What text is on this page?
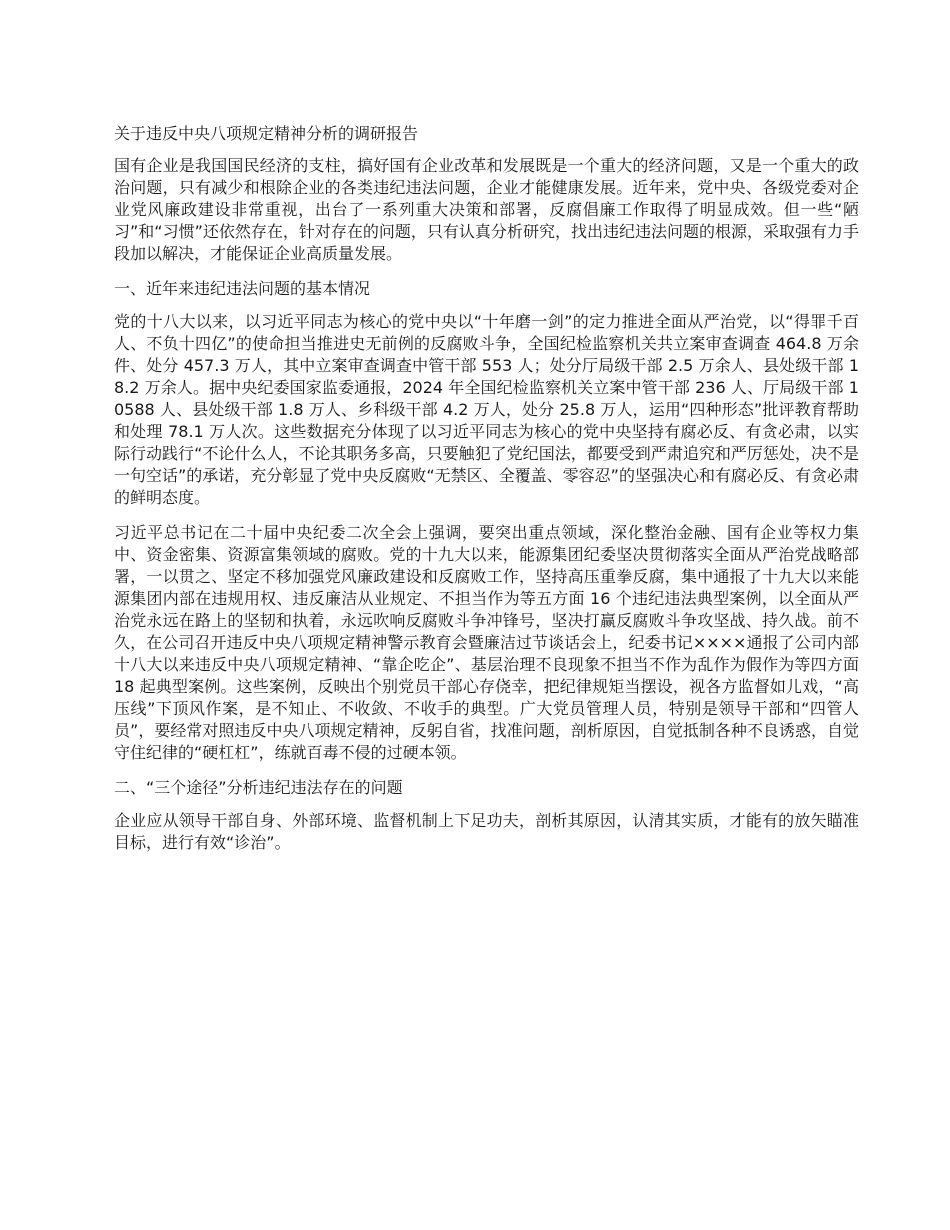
关于违反中央八项规定精神分析的调研报告

国有企业是我国国民经济的支柱，搞好国有企业改革和发展既是一个重大的经济问题，又是一个重大的政治问题，只有减少和根除企业的各类违纪违法问题，企业才能健康发展。近年来，党中央、各级党委对企业党风廉政建设非常重视，出台了一系列重大决策和部署，反腐倡廉工作取得了明显成效。但一些“陋习”和“习惯”还依然存在，针对存在的问题，只有认真分析研究，找出违纪违法问题的根源，采取强有力手段加以解决，才能保证企业高质量发展。

一、近年来违纪违法问题的基本情况

党的十八大以来，以习近平同志为核心的党中央以“十年磨一剑”的定力推进全面从严治党，以“得罪千百人、不负十四亿”的使命担当推进史无前例的反腐败斗争，全国纪检监察机关共立案审查调查 464.8 万余件、处分 457.3 万人，其中立案审查调查中管干部 553 人；处分厅局级干部 2.5 万余人、县处级干部 18.2 万余人。据中央纪委国家监委通报，2024 年全国纪检监察机关立案中管干部 236 人、厅局级干部 10588 人、县处级干部 1.8 万人、乡科级干部 4.2 万人，处分 25.8 万人，运用“四种形态”批评教育帮助和处理 78.1 万人次。这些数据充分体现了以习近平同志为核心的党中央坚持有腐必反、有贪必肃，以实际行动践行“不论什么人，不论其职务多高，只要触犯了党纪国法，都要受到严肃追究和严厉惩处，决不是一句空话”的承诺，充分彰显了党中央反腐败“无禁区、全覆盖、零容忍”的坚强决心和有腐必反、有贪必肃的鲜明态度。

习近平总书记在二十届中央纪委二次全会上强调，要突出重点领域，深化整治金融、国有企业等权力集中、资金密集、资源富集领域的腐败。党的十九大以来，能源集团纪委坚决贯彻落实全面从严治党战略部署，一以贯之、坚定不移加强党风廉政建设和反腐败工作，坚持高压重拳反腐，集中通报了十九大以来能源集团内部在违规用权、违反廉洁从业规定、不担当作为等五方面 16 个违纪违法典型案例，以全面从严治党永远在路上的坚韧和执着，永远吹响反腐败斗争冲锋号，坚决打赢反腐败斗争攻坚战、持久战。前不久，在公司召开违反中央八项规定精神警示教育会暨廉洁过节谈话会上，纪委书记××××通报了公司内部十八大以来违反中央八项规定精神、“靠企吃企”、基层治理不良现象不担当不作为乱作为假作为等四方面 18 起典型案例。这些案例，反映出个别党员干部心存侥幸，把纪律规矩当摆设，视各方监督如儿戏，“高压线”下顶风作案，是不知止、不收敛、不收手的典型。广大党员管理人员，特别是领导干部和“四管人员”，要经常对照违反中央八项规定精神，反躬自省，找准问题，剖析原因，自觉抵制各种不良诱惑，自觉守住纪律的“硬杠杠”，练就百毒不侵的过硬本领。

二、“三个途径”分析违纪违法存在的问题

企业应从领导干部自身、外部环境、监督机制上下足功夫，剖析其原因，认清其实质，才能有的放矢瞄准目标，进行有效“诊治”。
